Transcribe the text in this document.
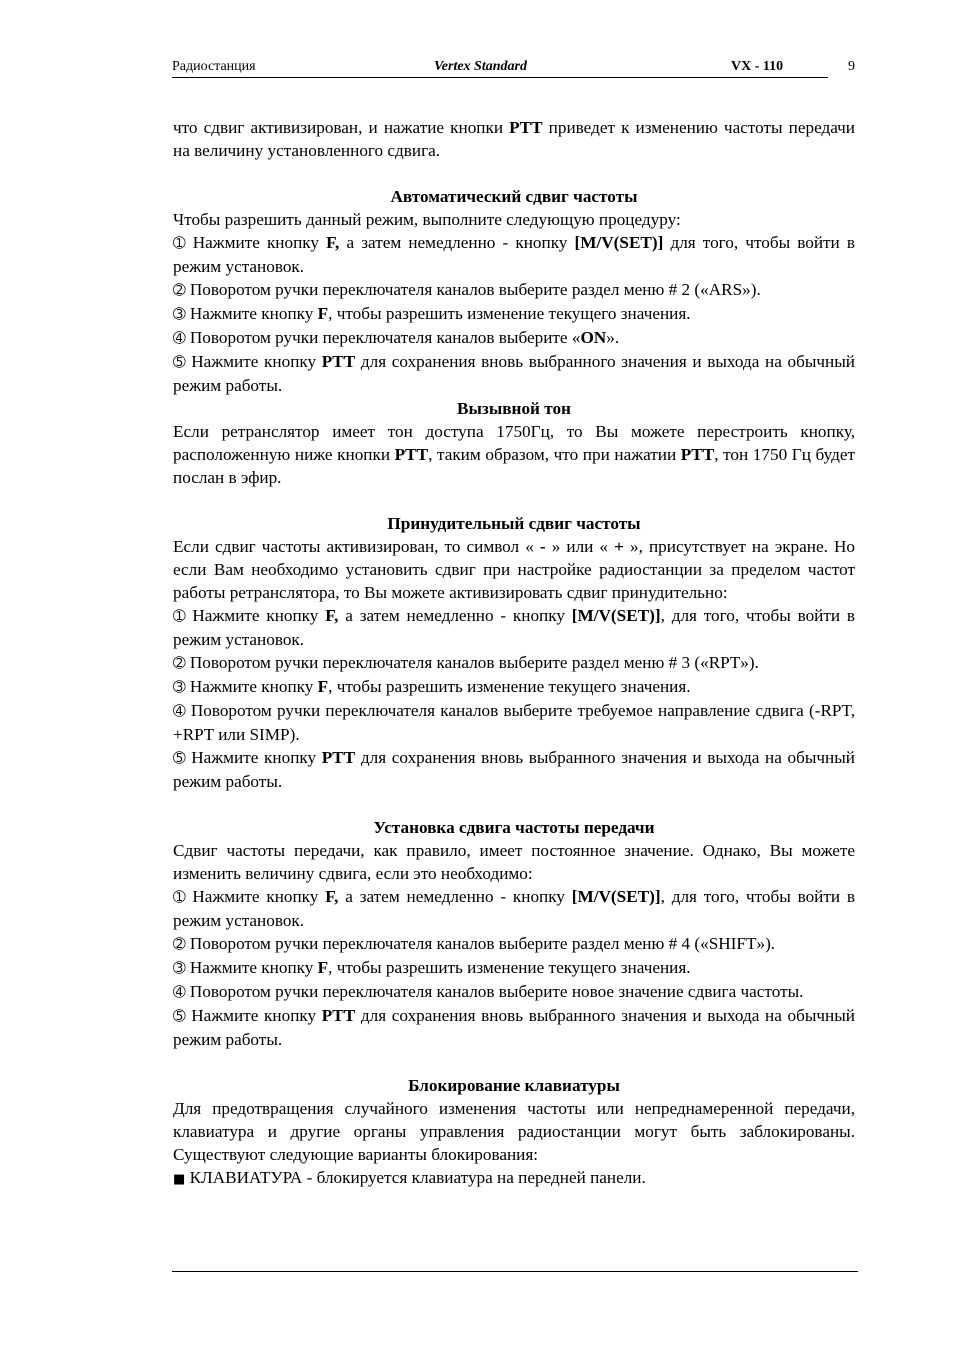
Радиостанция	Vertex Standard	VX - 110	9

что сдвиг активизирован, и нажатие кнопки PTT приведет к изменению частоты передачи на величину установленного сдвига.

Автоматический сдвиг частоты

Чтобы разрешить данный режим, выполните следующую процедуру:

➀ Нажмите кнопку F, а затем немедленно - кнопку [M/V(SET)] для того, чтобы войти в режим установок.

➁ Поворотом ручки переключателя каналов выберите раздел меню # 2 («ARS»).

➂ Нажмите кнопку F, чтобы разрешить изменение текущего значения.

➃ Поворотом ручки переключателя каналов выберите «ON».

➄ Нажмите кнопку PTT для сохранения вновь выбранного значения и выхода на обычный режим работы.

Вызывной тон

Если ретранслятор имеет тон доступа 1750Гц, то Вы можете перестроить кнопку, расположенную ниже кнопки PTT, таким образом, что при нажатии PTT, тон 1750 Гц будет послан в эфир.

Принудительный сдвиг частоты

Если сдвиг частоты активизирован, то символ « - » или « + », присутствует на экране. Но если Вам необходимо установить сдвиг при настройке радиостанции за пределом частот работы ретранслятора, то Вы можете активизировать сдвиг принудительно:

➀ Нажмите кнопку F, а затем немедленно - кнопку [M/V(SET)], для того, чтобы войти в режим установок.

➁ Поворотом ручки переключателя каналов выберите раздел меню # 3 («RPT»).

➂ Нажмите кнопку F, чтобы разрешить изменение текущего значения.

➃ Поворотом ручки переключателя каналов выберите требуемое направление сдвига (-RPT, +RPT или SIMP).

➄ Нажмите кнопку PTT для сохранения вновь выбранного значения и выхода на обычный режим работы.

Установка сдвига частоты передачи

Сдвиг частоты передачи, как правило, имеет постоянное значение. Однако, Вы можете изменить величину сдвига, если это необходимо:

➀ Нажмите кнопку F, а затем немедленно - кнопку [M/V(SET)], для того, чтобы войти в режим установок.

➁ Поворотом ручки переключателя каналов выберите раздел меню # 4 («SHIFT»).

➂ Нажмите кнопку F, чтобы разрешить изменение текущего значения.

➃ Поворотом ручки переключателя каналов выберите новое значение сдвига частоты.

➄ Нажмите кнопку PTT для сохранения вновь выбранного значения и выхода на обычный режим работы.

Блокирование клавиатуры

Для предотвращения случайного изменения частоты или непреднамеренной передачи, клавиатура и другие органы управления радиостанции могут быть заблокированы. Существуют следующие варианты блокирования:

■ КЛАВИАТУРА - блокируется клавиатура на передней панели.
